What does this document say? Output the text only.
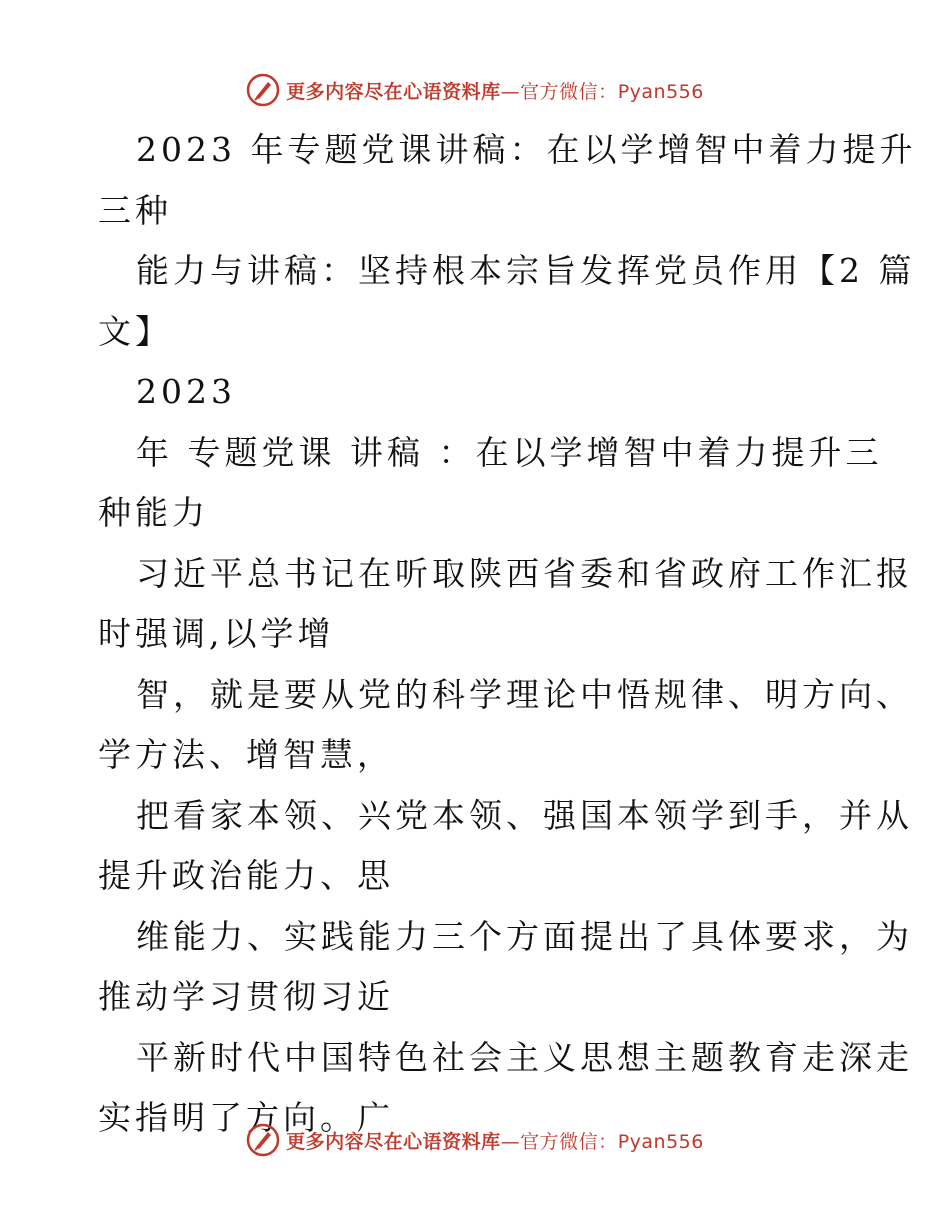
更多内容尽在心语资料库—官方微信：Pyan556
2023 年专题党课讲稿：在以学增智中着力提升
三种
能力与讲稿：坚持根本宗旨发挥党员作用【2 篇
文】
2023
年 专题党课 讲稿 ：在以学增智中着力提升三
种能力
习近平总书记在听取陕西省委和省政府工作汇报
时强调,以学增
智，就是要从党的科学理论中悟规律、明方向、
学方法、增智慧，
把看家本领、兴党本领、强国本领学到手，并从
提升政治能力、思
维能力、实践能力三个方面提出了具体要求，为
推动学习贯彻习近
平新时代中国特色社会主义思想主题教育走深走
实指明了方向。广
更多内容尽在心语资料库—官方微信：Pyan556
